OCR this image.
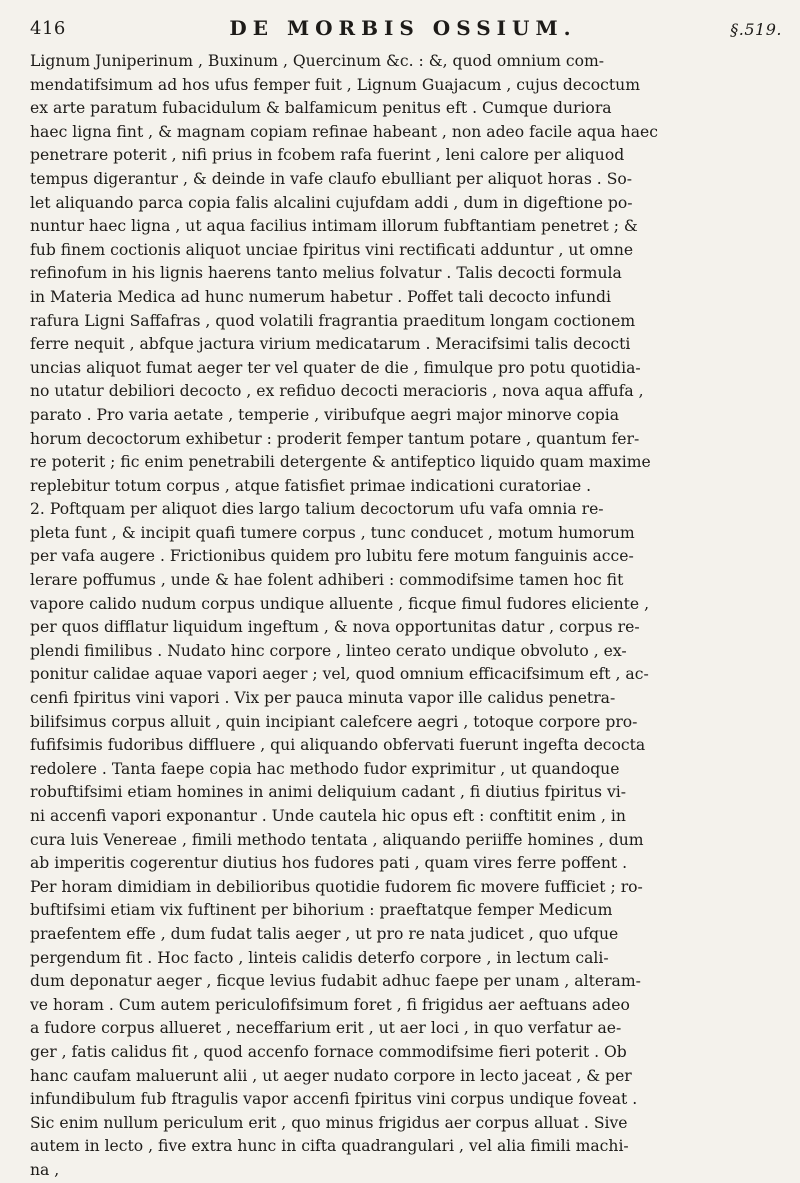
416	DE MORBIS OSSIUM.	§.519.
Lignum Juniperinum , Buxinum , Quercinum &c. : &, quod omnium com-
mendatifsimum ad hos ufus femper fuit , Lignum Guajacum , cujus decoctum
ex arte paratum fubacidulum & balfamicum penitus eft . Cumque duriora
haec ligna fint , & magnam copiam refinae habeant , non adeo facile aqua haec
penetrare poterit , nifi prius in fcobem rafa fuerint , leni calore per aliquod
tempus digerantur , & deinde in vafe claufo ebulliant per aliquot horas . So-
let aliquando parca copia falis alcalini cujufdam addi , dum in digeftione po-
nuntur haec ligna , ut aqua facilius intimam illorum fubftantiam penetret ; &
fub finem coctionis aliquot unciae fpiritus vini rectificati adduntur , ut omne
refinofum in his lignis haerens tanto melius folvatur . Talis decocti formula
in Materia Medica ad hunc numerum habetur . Poffet tali decocto infundi
rafura Ligni Saffafras , quod volatili fragrantia praeditum longam coctionem
ferre nequit , abfque jactura virium medicatarum . Meracifsimi talis decocti
uncias aliquot fumat aeger ter vel quater de die , fimulque pro potu quotidia-
no utatur debiliori decocto , ex refiduo decocti meracioris , nova aqua affufa ,
parato . Pro varia aetate , temperie , viribufque aegri major minorve copia
horum decoctorum exhibetur : proderit femper tantum potare , quantum fer-
re poterit ; fic enim penetrabili detergente & antifeptico liquido quam maxime
replebitur totum corpus , atque fatisfiet primae indicationi curatoriae .
2. Poftquam per aliquot dies largo talium decoctorum ufu vafa omnia re-
pleta funt , & incipit quafi tumere corpus , tunc conducet , motum humorum
per vafa augere . Frictionibus quidem pro lubitu fere motum fanguinis acce-
lerare poffumus , unde & hae folent adhiberi : commodifsime tamen hoc fit
vapore calido nudum corpus undique alluente , ficque fimul fudores eliciente ,
per quos difflatur liquidum ingeftum , & nova opportunitas datur , corpus re-
plendi fimilibus . Nudato hinc corpore , linteo cerato undique obvoluto , ex-
ponitur calidae aquae vapori aeger ; vel, quod omnium efficacifsimum eft , ac-
cenfi fpiritus vini vapori . Vix per pauca minuta vapor ille calidus penetra-
bilifsimus corpus alluit , quin incipiant calefcere aegri , totoque corpore pro-
fufifsimis fudoribus diffluere , qui aliquando obfervati fuerunt ingefta decocta
redolere . Tanta faepe copia hac methodo fudor exprimitur , ut quandoque
robuftifsimi etiam homines in animi deliquium cadant , fi diutius fpiritus vi-
ni accenfi vapori exponantur . Unde cautela hic opus eft : conftitit enim , in
cura luis Venereae , fimili methodo tentata , aliquando periiffe homines , dum
ab imperitis cogerentur diutius hos fudores pati , quam vires ferre poffent .
Per horam dimidiam in debilioribus quotidie fudorem fic movere fufficiet ; ro-
buftifsimi etiam vix fuftinent per bihorium : praeftatque femper Medicum
praefentem effe , dum fudat talis aeger , ut pro re nata judicet , quo ufque
pergendum fit . Hoc facto , linteis calidis deterfo corpore , in lectum cali-
dum deponatur aeger , ficque levius fudabit adhuc faepe per unam , alteram-
ve horam . Cum autem periculofifsimum foret , fi frigidus aer aeftuans adeo
a fudore corpus allueret , neceffarium erit , ut aer loci , in quo verfatur ae-
ger , fatis calidus fit , quod accenfo fornace commodifsime fieri poterit . Ob
hanc caufam maluerunt alii , ut aeger nudato corpore in lecto jaceat , & per
infundibulum fub ftragulis vapor accenfi fpiritus vini corpus undique foveat .
Sic enim nullum periculum erit , quo minus frigidus aer corpus alluat . Sive
autem in lecto , five extra hunc in cifta quadrangulari , vel alia fimili machi-
na ,
